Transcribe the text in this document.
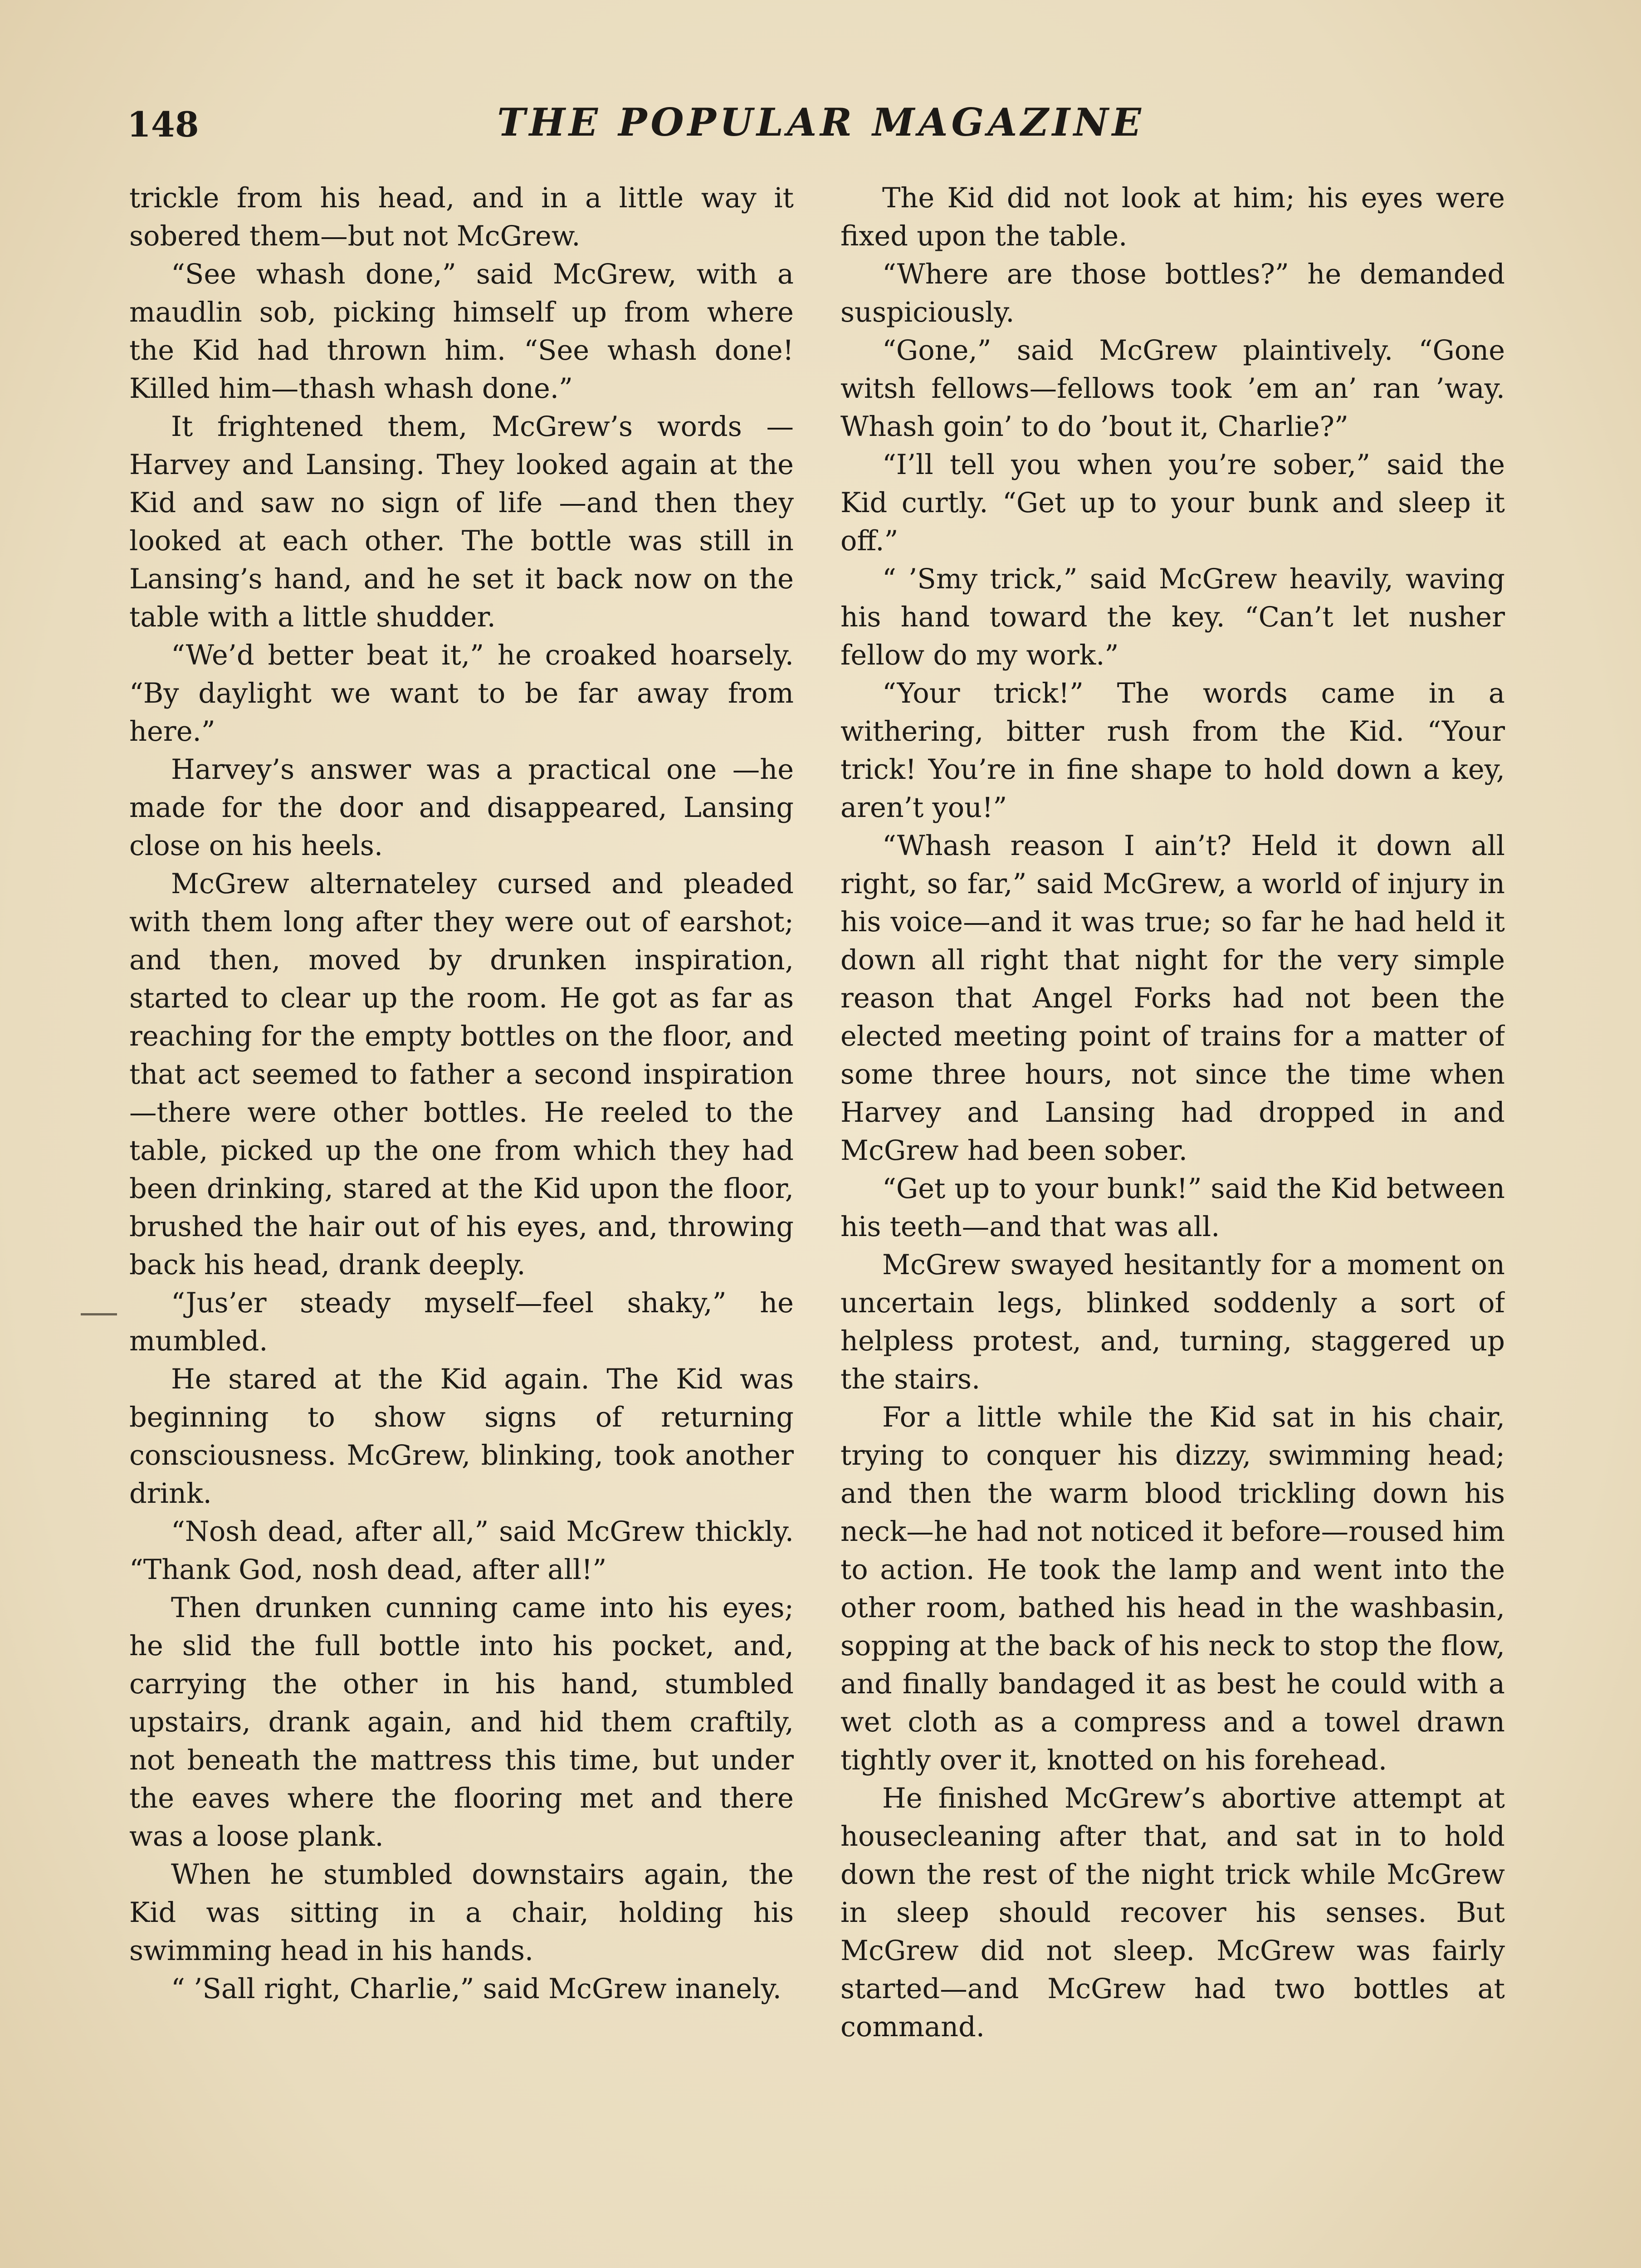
148	THE POPULAR MAGAZINE

trickle from his head, and in a little way it sobered them—but not McGrew.

“See whash done,” said McGrew, with a maudlin sob, picking himself up from where the Kid had thrown him. “See whash done! Killed him—thash whash done.”

It frightened them, McGrew’s words —Harvey and Lansing. They looked again at the Kid and saw no sign of life —and then they looked at each other. The bottle was still in Lansing’s hand, and he set it back now on the table with a little shudder.

“We’d better beat it,” he croaked hoarsely. “By daylight we want to be far away from here.”

Harvey’s answer was a practical one —he made for the door and disappeared, Lansing close on his heels.

McGrew alternateley cursed and pleaded with them long after they were out of earshot; and then, moved by drunken inspiration, started to clear up the room. He got as far as reaching for the empty bottles on the floor, and that act seemed to father a second inspiration—there were other bottles. He reeled to the table, picked up the one from which they had been drinking, stared at the Kid upon the floor, brushed the hair out of his eyes, and, throwing back his head, drank deeply.

“Jus’er steady myself—feel shaky,” he mumbled.

He stared at the Kid again. The Kid was beginning to show signs of returning consciousness. McGrew, blinking, took another drink.

“Nosh dead, after all,” said McGrew thickly. “Thank God, nosh dead, after all!”

Then drunken cunning came into his eyes; he slid the full bottle into his pocket, and, carrying the other in his hand, stumbled upstairs, drank again, and hid them craftily, not beneath the mattress this time, but under the eaves where the flooring met and there was a loose plank.

When he stumbled downstairs again, the Kid was sitting in a chair, holding his swimming head in his hands.

“ ’Sall right, Charlie,” said McGrew inanely.

The Kid did not look at him; his eyes were fixed upon the table.

“Where are those bottles?” he demanded suspiciously.

“Gone,” said McGrew plaintively. “Gone witsh fellows—fellows took ’em an’ ran ’way. Whash goin’ to do ’bout it, Charlie?”

“I’ll tell you when you’re sober,” said the Kid curtly. “Get up to your bunk and sleep it off.”

“ ’Smy trick,” said McGrew heavily, waving his hand toward the key. “Can’t let nusher fellow do my work.”

“Your trick!” The words came in a withering, bitter rush from the Kid. “Your trick! You’re in fine shape to hold down a key, aren’t you!”

“Whash reason I ain’t? Held it down all right, so far,” said McGrew, a world of injury in his voice—and it was true; so far he had held it down all right that night for the very simple reason that Angel Forks had not been the elected meeting point of trains for a matter of some three hours, not since the time when Harvey and Lansing had dropped in and McGrew had been sober.

“Get up to your bunk!” said the Kid between his teeth—and that was all.

McGrew swayed hesitantly for a moment on uncertain legs, blinked soddenly a sort of helpless protest, and, turning, staggered up the stairs.

For a little while the Kid sat in his chair, trying to conquer his dizzy, swimming head; and then the warm blood trickling down his neck—he had not noticed it before—roused him to action. He took the lamp and went into the other room, bathed his head in the washbasin, sopping at the back of his neck to stop the flow, and finally bandaged it as best he could with a wet cloth as a compress and a towel drawn tightly over it, knotted on his forehead.

He finished McGrew’s abortive attempt at housecleaning after that, and sat in to hold down the rest of the night trick while McGrew in sleep should recover his senses. But McGrew did not sleep. McGrew was fairly started—and McGrew had two bottles at command.
